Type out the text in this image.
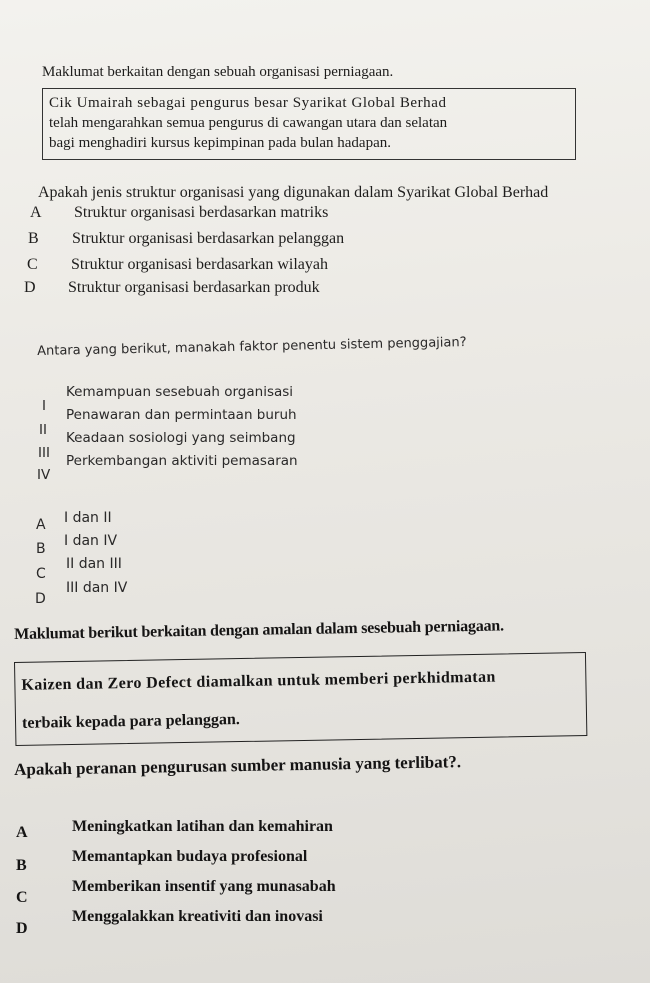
Maklumat berkaitan dengan sebuah organisasi perniagaan.
Cik Umairah sebagai pengurus besar Syarikat Global Berhad
telah mengarahkan semua pengurus di cawangan utara dan selatan
bagi menghadiri kursus kepimpinan pada bulan hadapan.
Apakah jenis struktur organisasi yang digunakan dalam Syarikat Global Berhad
A Struktur organisasi berdasarkan matriks
B Struktur organisasi berdasarkan pelanggan
C Struktur organisasi berdasarkan wilayah
D Struktur organisasi berdasarkan produk
Antara yang berikut, manakah faktor penentu sistem penggajian?
I
Kemampuan sesebuah organisasi
II
Penawaran dan permintaan buruh
III
Keadaan sosiologi yang seimbang
IV
Perkembangan aktiviti pemasaran
A I dan II
B I dan IV
C
II dan III
D
III dan IV
Maklumat berikut berkaitan dengan amalan dalam sesebuah perniagaan.
Kaizen dan Zero Defect diamalkan untuk memberi perkhidmatan
terbaik kepada para pelanggan.
Apakah peranan pengurusan sumber manusia yang terlibat?.
A	Meningkatkan latihan dan kemahiran
B
Memantapkan budaya profesional
C
Memberikan insentif yang munasabah
D
Menggalakkan kreativiti dan inovasi
